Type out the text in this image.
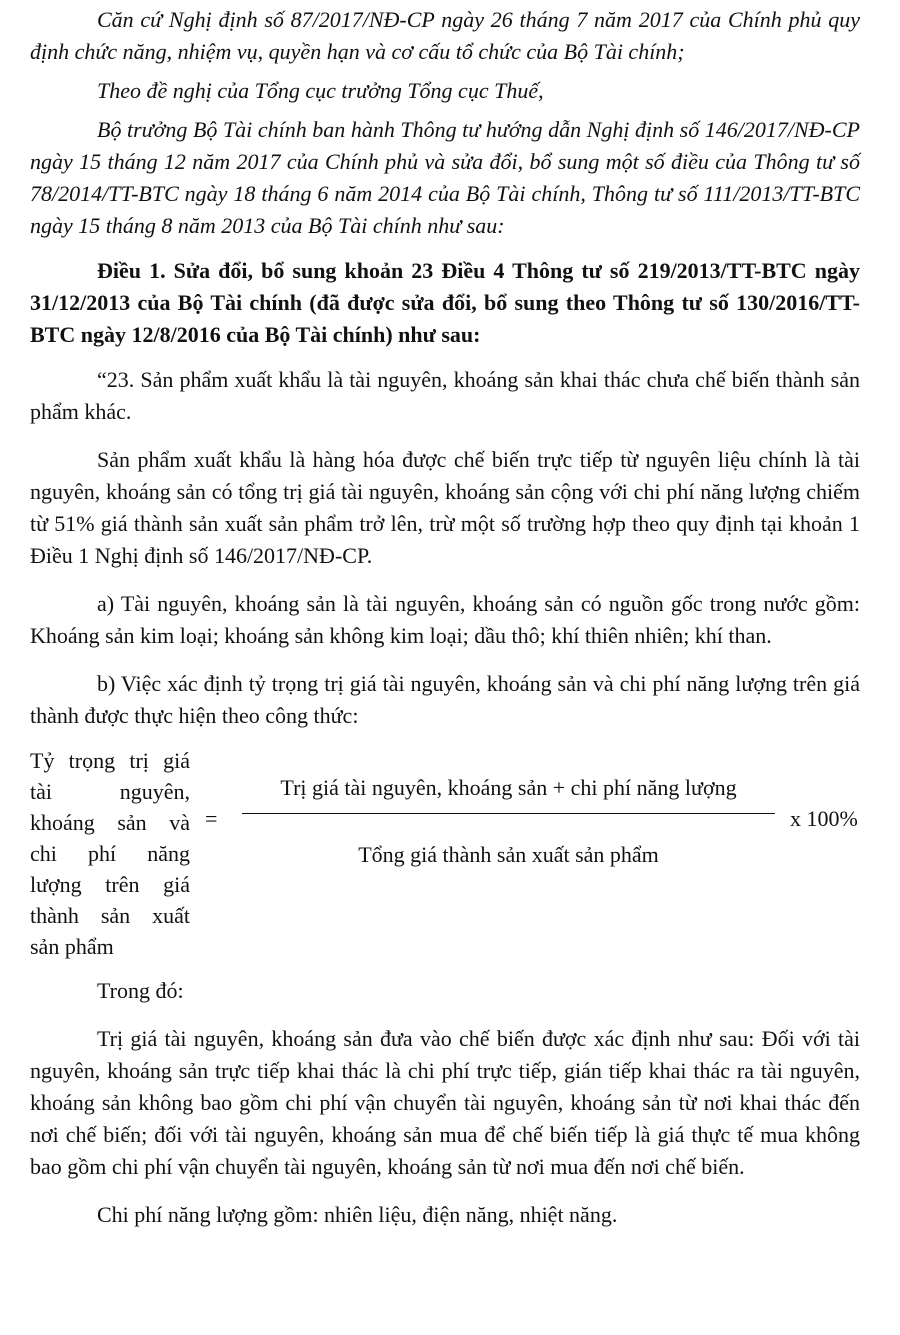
Căn cứ Nghị định số 87/2017/NĐ-CP ngày 26 tháng 7 năm 2017 của Chính phủ quy định chức năng, nhiệm vụ, quyền hạn và cơ cấu tổ chức của Bộ Tài chính;

Theo đề nghị của Tổng cục trưởng Tổng cục Thuế,

Bộ trưởng Bộ Tài chính ban hành Thông tư hướng dẫn Nghị định số 146/2017/NĐ-CP ngày 15 tháng 12 năm 2017 của Chính phủ và sửa đổi, bổ sung một số điều của Thông tư số 78/2014/TT-BTC ngày 18 tháng 6 năm 2014 của Bộ Tài chính, Thông tư số 111/2013/TT-BTC ngày 15 tháng 8 năm 2013 của Bộ Tài chính như sau:

Điều 1. Sửa đổi, bổ sung khoản 23 Điều 4 Thông tư số 219/2013/TT-BTC ngày 31/12/2013 của Bộ Tài chính (đã được sửa đổi, bổ sung theo Thông tư số 130/2016/TT-BTC ngày 12/8/2016 của Bộ Tài chính) như sau:

“23. Sản phẩm xuất khẩu là tài nguyên, khoáng sản khai thác chưa chế biến thành sản phẩm khác.

Sản phẩm xuất khẩu là hàng hóa được chế biến trực tiếp từ nguyên liệu chính là tài nguyên, khoáng sản có tổng trị giá tài nguyên, khoáng sản cộng với chi phí năng lượng chiếm từ 51% giá thành sản xuất sản phẩm trở lên, trừ một số trường hợp theo quy định tại khoản 1 Điều 1 Nghị định số 146/2017/NĐ-CP.

a) Tài nguyên, khoáng sản là tài nguyên, khoáng sản có nguồn gốc trong nước gồm: Khoáng sản kim loại; khoáng sản không kim loại; dầu thô; khí thiên nhiên; khí than.

b) Việc xác định tỷ trọng trị giá tài nguyên, khoáng sản và chi phí năng lượng trên giá thành được thực hiện theo công thức:

Tỷ trọng trị giá
tài nguyên,
khoáng sản và
chi phí năng
lượng trên giá
thành sản xuất
sản phẩm
=
Trị giá tài nguyên, khoáng sản + chi phí năng lượng
Tổng giá thành sản xuất sản phẩm
x 100%

Trong đó:

Trị giá tài nguyên, khoáng sản đưa vào chế biến được xác định như sau: Đối với tài nguyên, khoáng sản trực tiếp khai thác là chi phí trực tiếp, gián tiếp khai thác ra tài nguyên, khoáng sản không bao gồm chi phí vận chuyển tài nguyên, khoáng sản từ nơi khai thác đến nơi chế biến; đối với tài nguyên, khoáng sản mua để chế biến tiếp là giá thực tế mua không bao gồm chi phí vận chuyển tài nguyên, khoáng sản từ nơi mua đến nơi chế biến.

Chi phí năng lượng gồm: nhiên liệu, điện năng, nhiệt năng.
